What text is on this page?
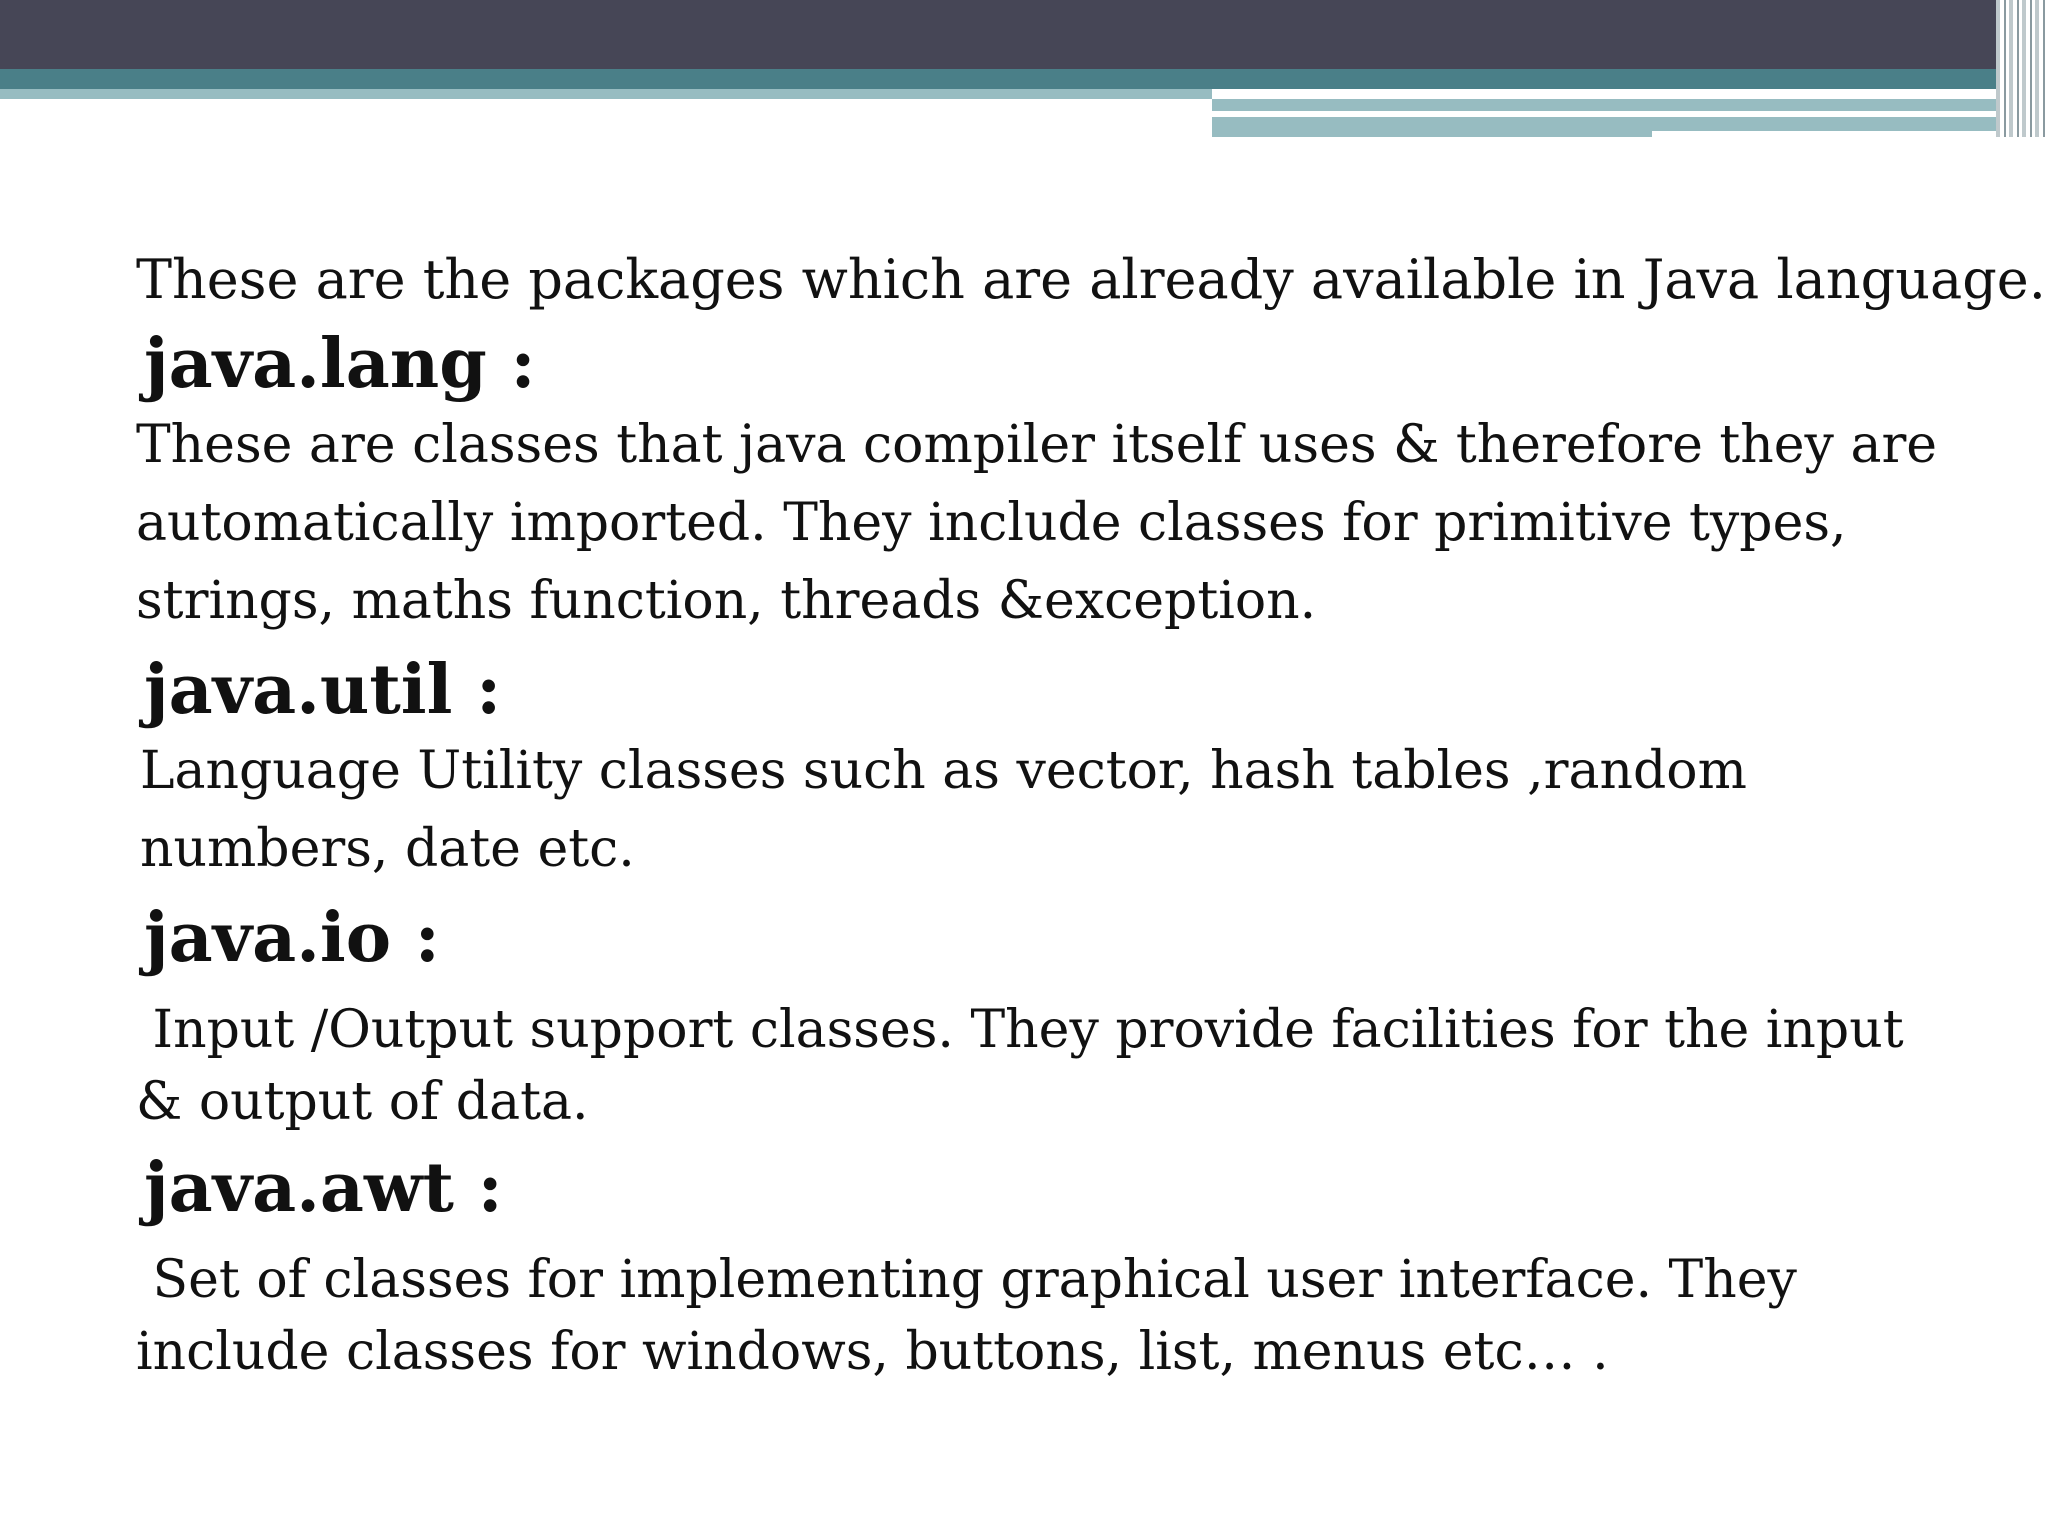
These are the packages which are already available in Java language.

java.lang :

These are classes that java compiler itself uses & therefore they are automatically imported. They include classes for primitive types, strings, maths function, threads &exception.

java.util :

Language Utility classes such as vector, hash tables ,random numbers, date etc.

java.io :

Input /Output support classes. They provide facilities for the input & output of data.

java.awt :

Set of classes for implementing graphical user interface. They include classes for windows, buttons, list, menus etc… .
